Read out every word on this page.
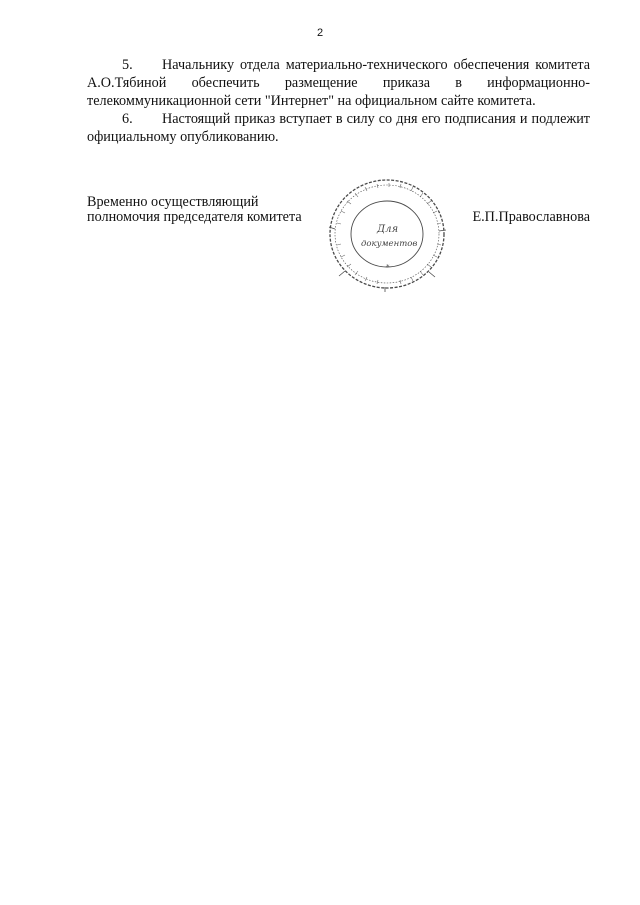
2

5. Начальнику отдела материально-технического обеспечения комитета А.О.Тябиной обеспечить размещение приказа в информационно-телекоммуникационной сети "Интернет" на официальном сайте комитета.

6. Настоящий приказ вступает в силу со дня его подписания и подлежит официальному опубликованию.

Временно осуществляющий
полномочия председателя комитета
Для
документов
*
Е.П.Православнова
